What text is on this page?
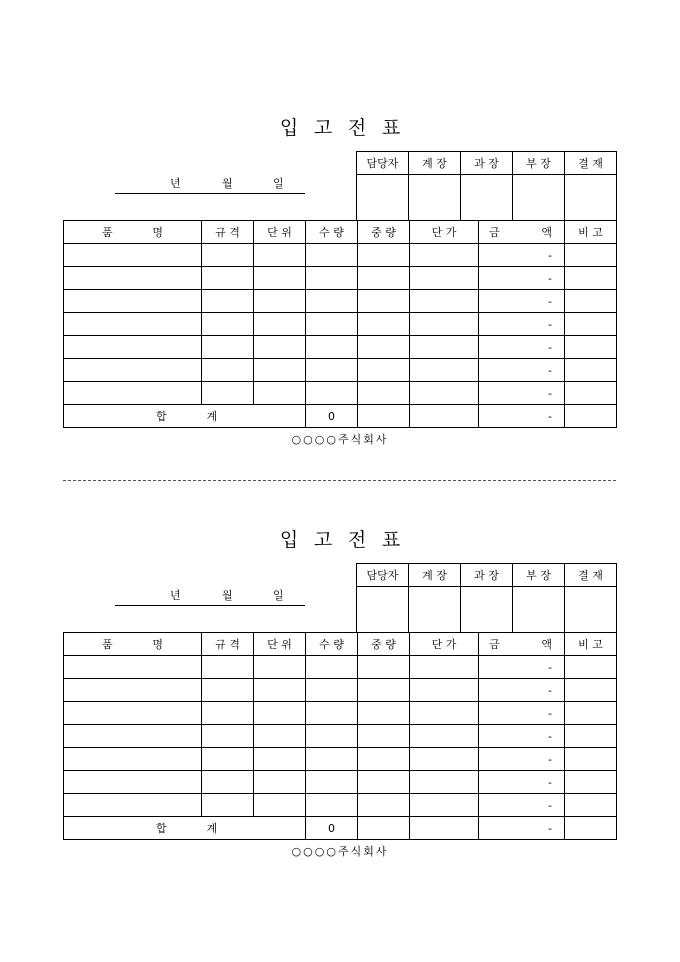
입 고 전 표
년	월	일
담당자	계 장	과 장	부 장	결 재

품 명	규 격	단 위	수 량	중 량	단 가	금 액	비 고
						-	
						-	
						-	
						-	
						-	
						-	
						-	
합 계			0			-	
○○○○주식회사
입 고 전 표
년	월	일
담당자	계 장	과 장	부 장	결 재

품 명	규 격	단 위	수 량	중 량	단 가	금 액	비 고
						-	
						-	
						-	
						-	
						-	
						-	
						-	
합 계			0			-	
○○○○주식회사
